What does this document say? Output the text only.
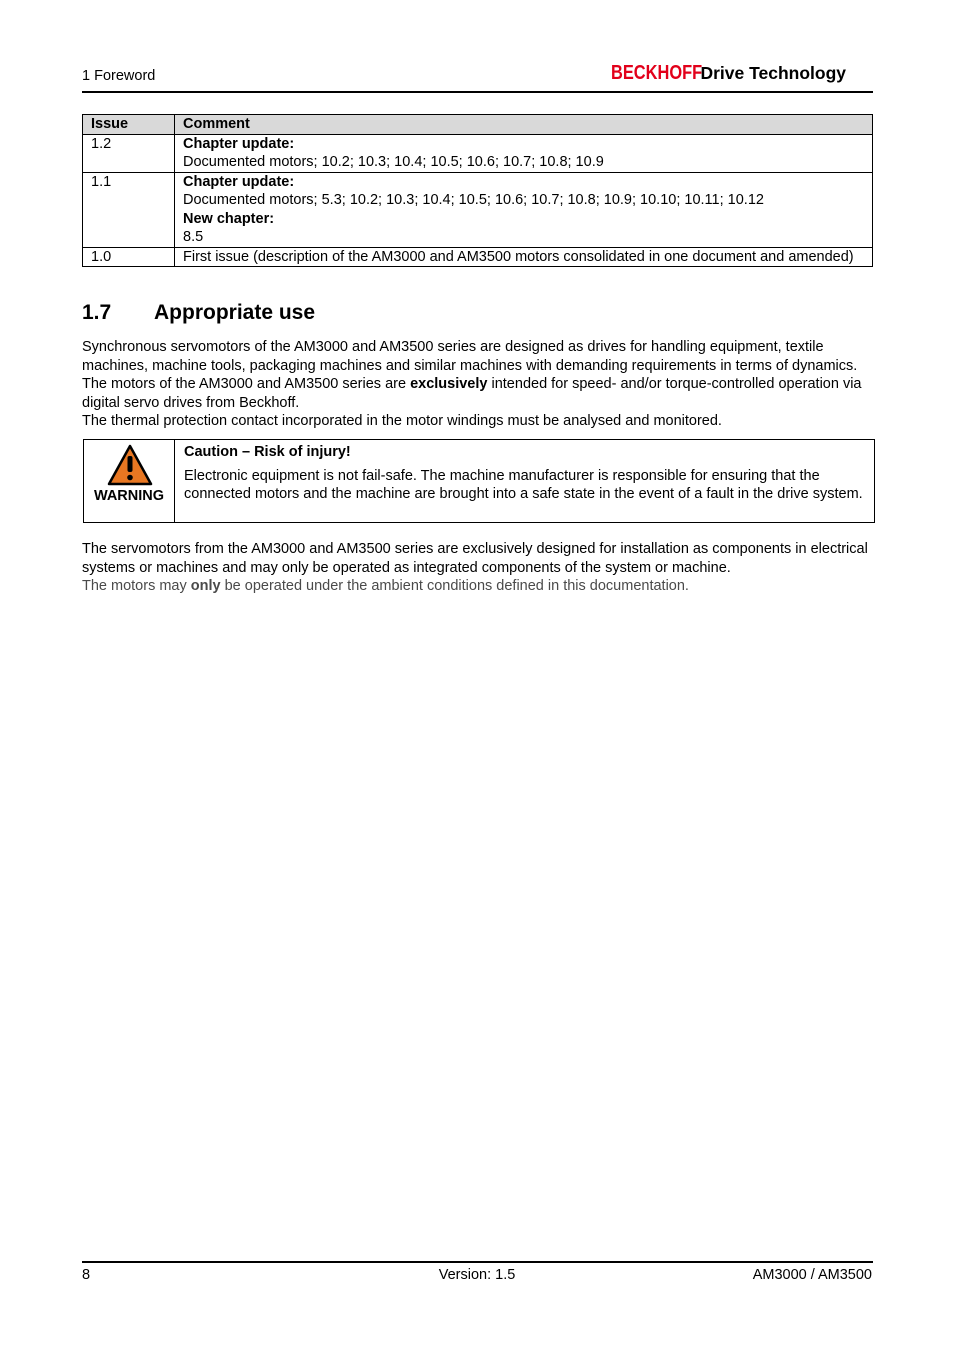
1 Foreword	BECKHOFFDrive Technology
Issue	Comment
1.2	Chapter update:
Documented motors; 10.2; 10.3; 10.4; 10.5; 10.6; 10.7; 10.8; 10.9

1.1	Chapter update:
Documented motors; 5.3; 10.2; 10.3; 10.4; 10.5; 10.6; 10.7; 10.8; 10.9; 10.10; 10.11; 10.12
New chapter:
8.5

1.0	First issue (description of the AM3000 and AM3500 motors consolidated in one document and amended)
1.7 Appropriate use
Synchronous servomotors of the AM3000 and AM3500 series are designed as drives for handling equipment, textile machines, machine tools, packaging machines and similar machines with demanding requirements in terms of dynamics. The motors of the AM3000 and AM3500 series are exclusively intended for speed- and/or torque-controlled operation via digital servo drives from Beckhoff.
The thermal protection contact incorporated in the motor windings must be analysed and monitored.
WARNING
Caution – Risk of injury!
Electronic equipment is not fail-safe. The machine manufacturer is responsible for ensuring that the connected motors and the machine are brought into a safe state in the event of a fault in the drive system.
The servomotors from the AM3000 and AM3500 series are exclusively designed for installation as components in electrical systems or machines and may only be operated as integrated components of the system or machine.
The motors may only be operated under the ambient conditions defined in this documentation.
8	Version: 1.5	AM3000 / AM3500
